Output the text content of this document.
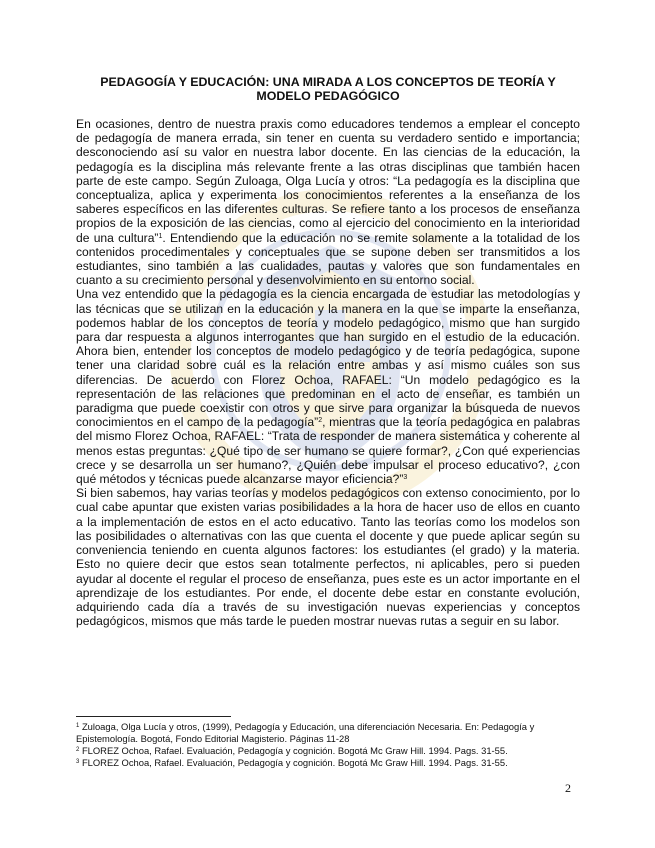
PEDAGOGÍA Y EDUCACIÓN: UNA MIRADA A LOS CONCEPTOS DE TEORÍA Y MODELO PEDAGÓGICO

En ocasiones, dentro de nuestra praxis como educadores tendemos a emplear el concepto de pedagogía de manera errada, sin tener en cuenta su verdadero sentido e importancia; desconociendo así su valor en nuestra labor docente. En las ciencias de la educación, la pedagogía es la disciplina más relevante frente a las otras disciplinas que también hacen parte de este campo. Según Zuloaga, Olga Lucía y otros: “La pedagogía es la disciplina que conceptualiza, aplica y experimenta los conocimientos referentes a la enseñanza de los saberes específicos en las diferentes culturas. Se refiere tanto a los procesos de enseñanza propios de la exposición de las ciencias, como al ejercicio del conocimiento en la interioridad de una cultura”$^1$. Entendiendo que la educación no se remite solamente a la totalidad de los contenidos procedimentales y conceptuales que se supone deben ser transmitidos a los estudiantes, sino también a las cualidades, pautas y valores que son fundamentales en cuanto a su crecimiento personal y desenvolvimiento en su entorno social.

Una vez entendido que la pedagogía es la ciencia encargada de estudiar las metodologías y las técnicas que se utilizan en la educación y la manera en la que se imparte la enseñanza, podemos hablar de los conceptos de teoría y modelo pedagógico, mismo que han surgido para dar respuesta a algunos interrogantes que han surgido en el estudio de la educación. Ahora bien, entender los conceptos de modelo pedagógico y de teoría pedagógica, supone tener una claridad sobre cuál es la relación entre ambas y así mismo cuáles son sus diferencias. De acuerdo con Florez Ochoa, RAFAEL: “Un modelo pedagógico es la representación de las relaciones que predominan en el acto de enseñar, es también un paradigma que puede coexistir con otros y que sirve para organizar la búsqueda de nuevos conocimientos en el campo de la pedagogía”$^2$, mientras que la teoría pedagógica en palabras del mismo Florez Ochoa, RAFAEL: “Trata de responder de manera sistemática y coherente al menos estas preguntas: ¿Qué tipo de ser humano se quiere formar?, ¿Con qué experiencias crece y se desarrolla un ser humano?, ¿Quién debe impulsar el proceso educativo?, ¿con qué métodos y técnicas puede alcanzarse mayor eficiencia?”$^3$

Si bien sabemos, hay varias teorías y modelos pedagógicos con extenso conocimiento, por lo cual cabe apuntar que existen varias posibilidades a la hora de hacer uso de ellos en cuanto a la implementación de estos en el acto educativo. Tanto las teorías como los modelos son las posibilidades o alternativas con las que cuenta el docente y que puede aplicar según su conveniencia teniendo en cuenta algunos factores: los estudiantes (el grado) y la materia. Esto no quiere decir que estos sean totalmente perfectos, ni aplicables, pero si pueden ayudar al docente el regular el proceso de enseñanza, pues este es un actor importante en el aprendizaje de los estudiantes. Por ende, el docente debe estar en constante evolución, adquiriendo cada día a través de su investigación nuevas experiencias y conceptos pedagógicos, mismos que más tarde le pueden mostrar nuevas rutas a seguir en su labor.

$^1$ Zuloaga, Olga Lucía y otros, (1999), Pedagogía y Educación, una diferenciación Necesaria. En: Pedagogía y Epistemología. Bogotá, Fondo Editorial Magisterio. Páginas 11-28
$^2$ FLOREZ Ochoa, Rafael. Evaluación, Pedagogía y cognición. Bogotá Mc Graw Hill. 1994. Pags. 31-55.
$^3$ FLOREZ Ochoa, Rafael. Evaluación, Pedagogía y cognición. Bogotá Mc Graw Hill. 1994. Pags. 31-55.
2
